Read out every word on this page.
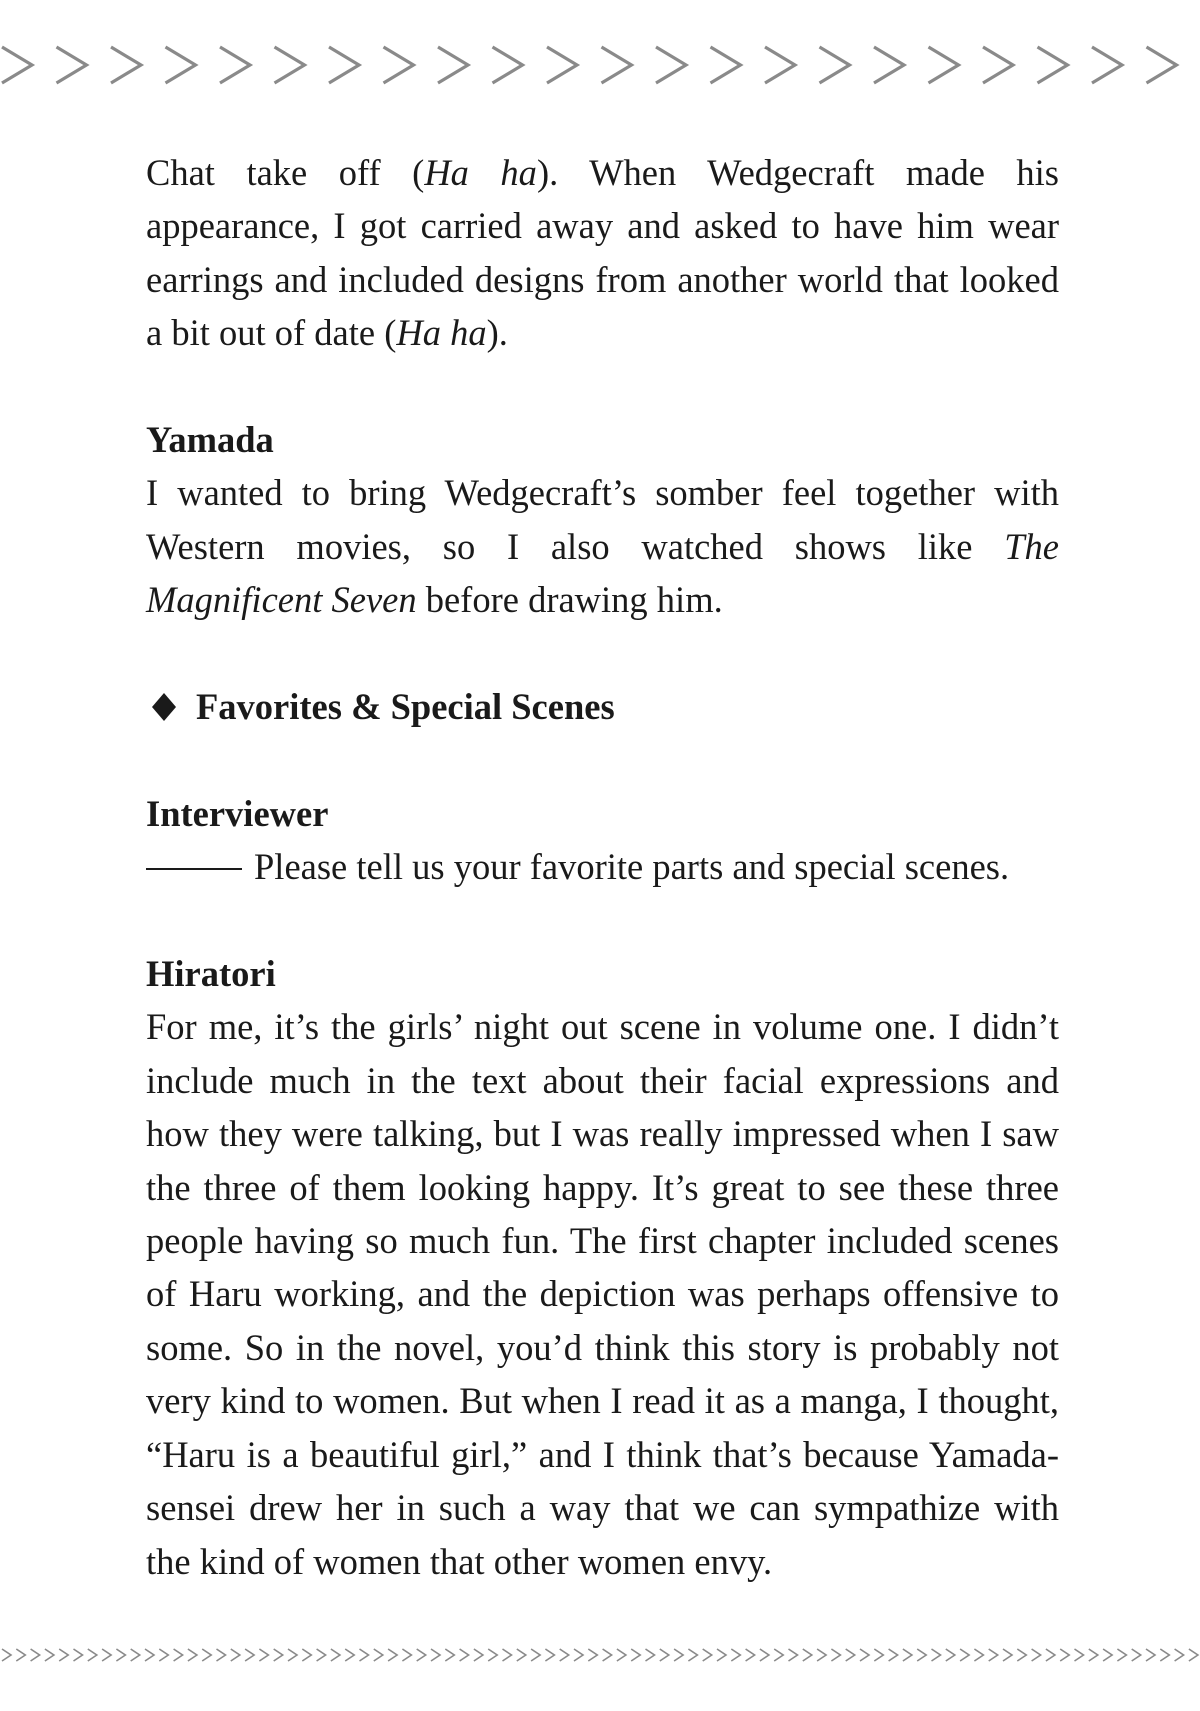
Chat take off (Ha ha). When Wedgecraft made his appearance, I got carried away and asked to have him wear earrings and included designs from another world that looked a bit out of date (Ha ha).

Yamada

I wanted to bring Wedgecraft’s somber feel together with Western movies, so I also watched shows like The Magnificent Seven before drawing him.

Favorites & Special Scenes

Interviewer

Please tell us your favorite parts and special scenes.

Hiratori

For me, it’s the girls’ night out scene in volume one. I didn’t include much in the text about their facial expressions and how they were talking, but I was really impressed when I saw the three of them looking happy. It’s great to see these three people having so much fun. The first chapter included scenes of Haru working, and the depiction was perhaps offensive to some. So in the novel, you’d think this story is probably not very kind to women. But when I read it as a manga, I thought, “Haru is a beautiful girl,” and I think that’s because Yamada-sensei drew her in such a way that we can sympathize with the kind of women that other women envy.
